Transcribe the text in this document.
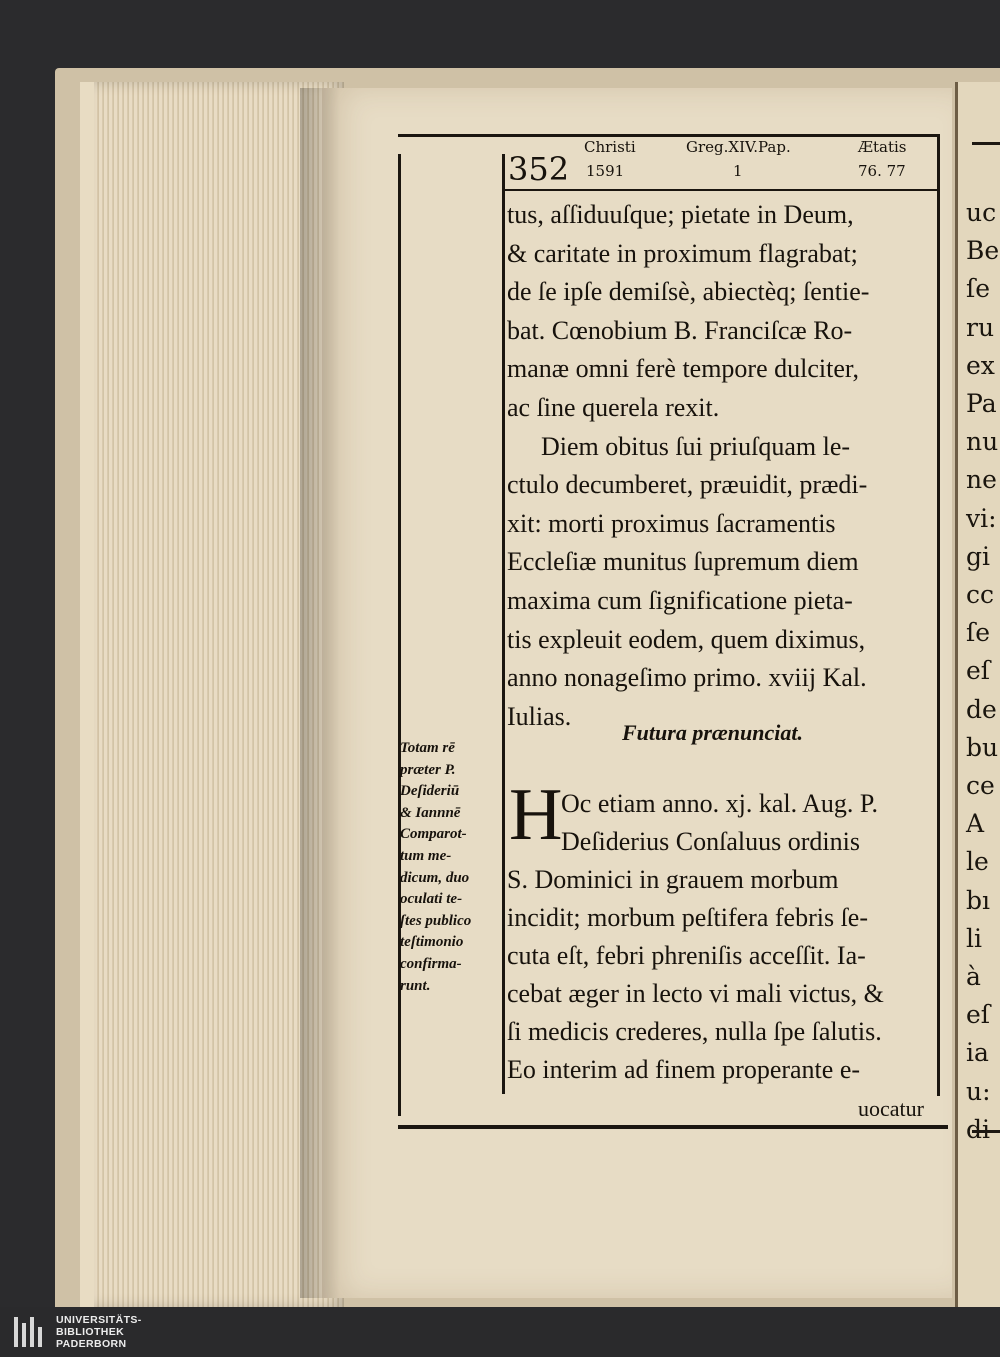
uc
Be
ſe
ru
ex
Pa
nu
ne
vi:
gi
cc
ſe
eſ
de
bu
ce
A
le
bı
li
à
eſ
ia
u:
di
352
Christi	Greg.XIV.Pap.	Ætatis
1591	1	76. 77
tus, aſſiduuſque; pietate in Deum,
& caritate in proximum flagrabat;
de ſe ipſe demiſsè, abiectèq; ſentie-
bat. Cœnobium B. Franciſcæ Ro-
manæ omni ferè tempore dulciter,
ac ſine querela rexit.
Diem obitus ſui priuſquam le-
ctulo decumberet, præuidit, prædi-
xit: morti proximus ſacramentis
Eccleſiæ munitus ſupremum diem
maxima cum ſignificatione pieta-
tis expleuit eodem, quem diximus,
anno nonageſimo primo. xviij Kal.
Iulias.
Futura prænunciat.
H
Oc etiam anno. xj. kal. Aug. P.
Deſiderius Conſaluus ordinis
S. Dominici in grauem morbum
incidit; morbum peſtifera febris ſe-
cuta eſt, febri phreniſis acceſſit. Ia-
cebat æger in lecto vi mali victus, &
ſi medicis crederes, nulla ſpe ſalutis.
Eo interim ad finem properante e-
uocatur
Totam rē
præter P.
Deſideriū
& Iannnē
Comparot-
tum me-
dicum, duo
oculati te-
ſtes publico
teſtimonio
confirma-
runt.
UNIVERSITÄTS-
BIBLIOTHEK
PADERBORN
